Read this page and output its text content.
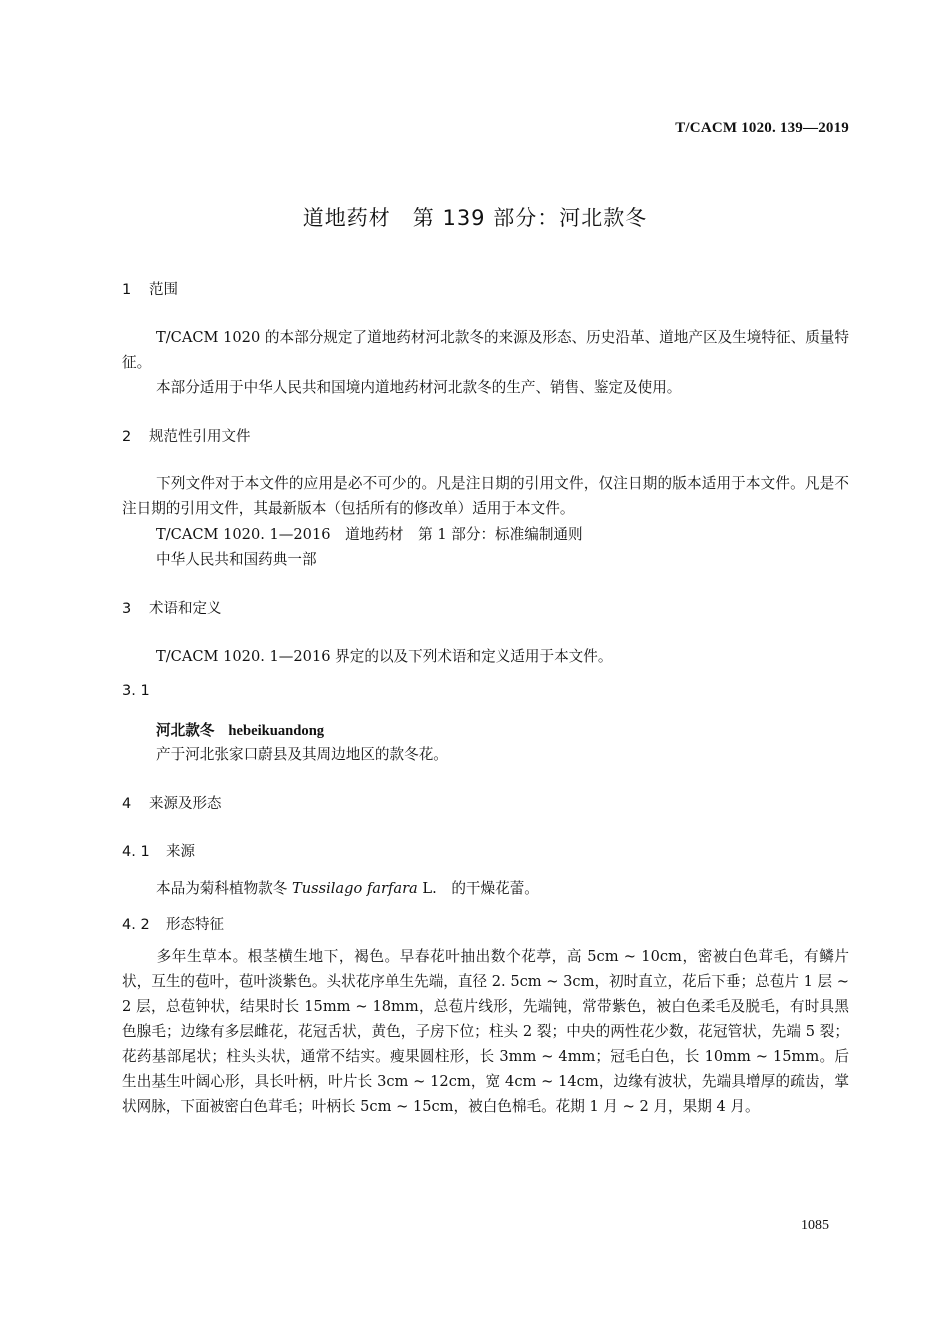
T/CACM 1020. 139—2019
道地药材　第 139 部分：河北款冬
1 范围
T/CACM 1020 的本部分规定了道地药材河北款冬的来源及形态、历史沿革、道地产区及生境特征、质量特征。
本部分适用于中华人民共和国境内道地药材河北款冬的生产、销售、鉴定及使用。
2 规范性引用文件
下列文件对于本文件的应用是必不可少的。凡是注日期的引用文件，仅注日期的版本适用于本文件。凡是不注日期的引用文件，其最新版本（包括所有的修改单）适用于本文件。
T/CACM 1020. 1—2016　道地药材　第 1 部分：标准编制通则
中华人民共和国药典一部
3 术语和定义
T/CACM 1020. 1—2016 界定的以及下列术语和定义适用于本文件。
3. 1
河北款冬 hebeikuandong
产于河北张家口蔚县及其周边地区的款冬花。
4 来源及形态
4. 1 来源
本品为菊科植物款冬 Tussilago farfara L.　的干燥花蕾。
4. 2 形态特征
多年生草本。根茎横生地下，褐色。早春花叶抽出数个花葶，高 5cm ~ 10cm，密被白色茸毛，有鳞片状，互生的苞叶，苞叶淡紫色。头状花序单生先端，直径 2. 5cm ~ 3cm，初时直立，花后下垂；总苞片 1 层 ~ 2 层，总苞钟状，结果时长 15mm ~ 18mm，总苞片线形，先端钝，常带紫色，被白色柔毛及脱毛，有时具黑色腺毛；边缘有多层雌花，花冠舌状，黄色，子房下位；柱头 2 裂；中央的两性花少数，花冠管状，先端 5 裂；花药基部尾状；柱头头状，通常不结实。瘦果圆柱形，长 3mm ~ 4mm；冠毛白色，长 10mm ~ 15mm。后生出基生叶阔心形，具长叶柄，叶片长 3cm ~ 12cm，宽 4cm ~ 14cm，边缘有波状，先端具增厚的疏齿，掌状网脉，下面被密白色茸毛；叶柄长 5cm ~ 15cm，被白色棉毛。花期 1 月 ~ 2 月，果期 4 月。
1085
